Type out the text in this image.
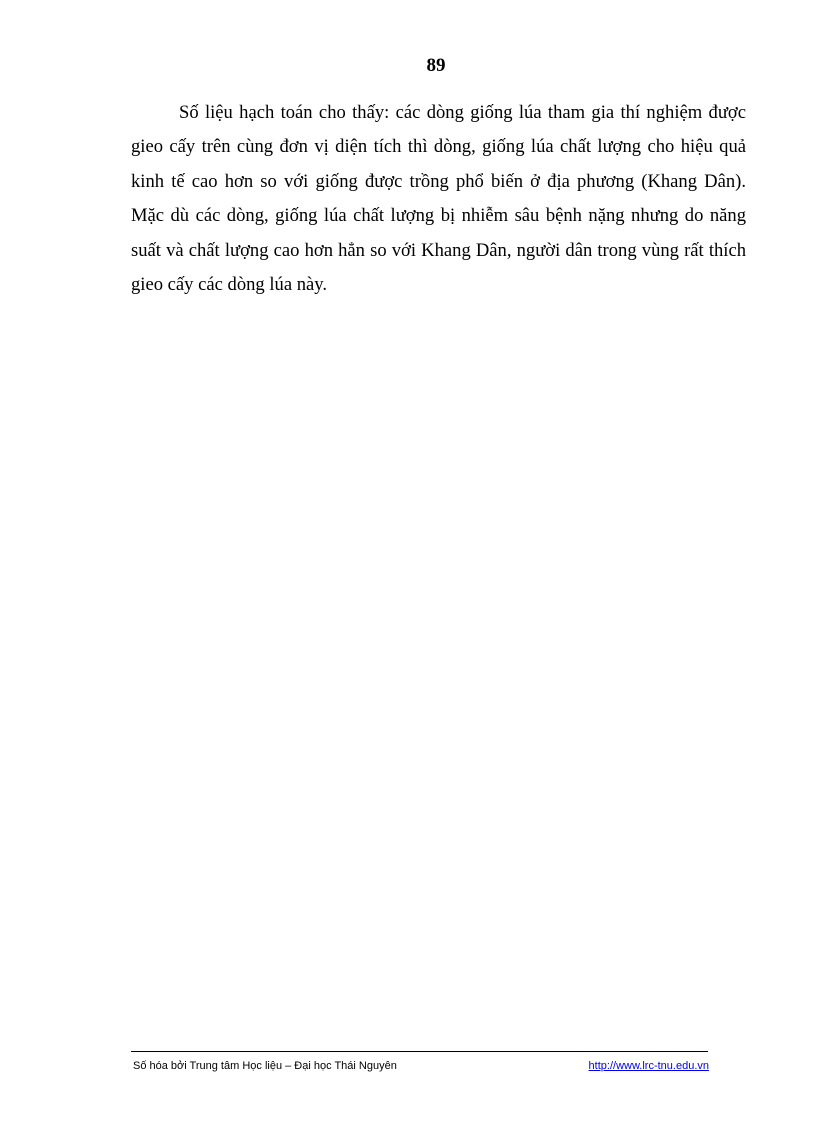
89

Số liệu hạch toán cho thấy: các dòng giống lúa tham gia thí nghiệm được gieo cấy trên cùng đơn vị diện tích thì dòng, giống lúa chất lượng cho hiệu quả kinh tế cao hơn so với giống được trồng phổ biến ở địa phương (Khang Dân). Mặc dù các dòng, giống lúa chất lượng bị nhiễm sâu bệnh nặng nhưng do năng suất và chất lượng cao hơn hẳn so với Khang Dân, người dân trong vùng rất thích gieo cấy các dòng lúa này.

Số hóa bởi Trung tâm Học liệu – Đại học Thái Nguyên	http://www.lrc-tnu.edu.vn
